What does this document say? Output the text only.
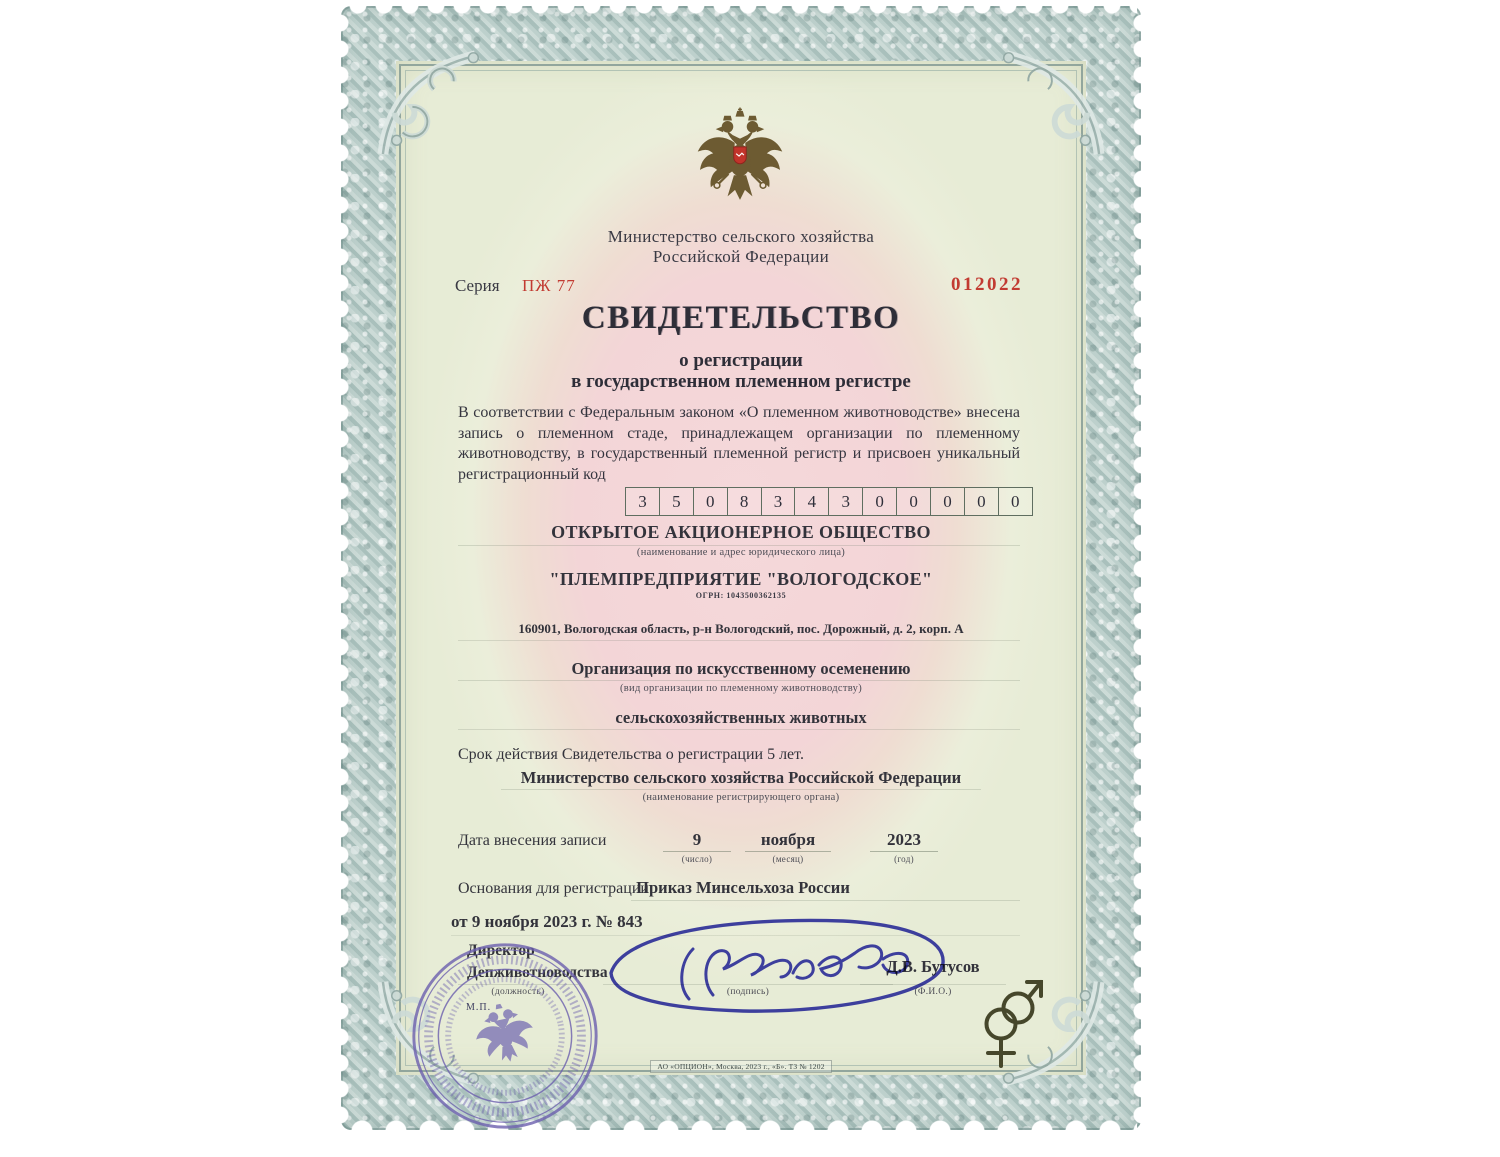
Министерство сельского хозяйства
Российской Федерации
Серия ПЖ 77	012022
СВИДЕТЕЛЬСТВО
о регистрации
в государственном племенном регистре
В соответствии с Федеральным законом «О племенном животноводстве» внесена запись о племенном стаде, принадлежащем организации по племенному животноводству, в государственный племенной регистр и присвоен уникальный регистрационный код
3	5	0	8	3	4	3	0	0	0	0	0
ОТКРЫТОЕ АКЦИОНЕРНОЕ ОБЩЕСТВО
(наименование и адрес юридического лица)
"ПЛЕМПРЕДПРИЯТИЕ "ВОЛОГОДСКОЕ"
ОГРН: 1043500362135
160901, Вологодская область, р-н Вологодский, пос. Дорожный, д. 2, корп. А
Организация по искусственному осеменению
(вид организации по племенному животноводству)
сельскохозяйственных животных
Срок действия Свидетельства о регистрации 5 лет.
Министерство сельского хозяйства Российской Федерации
(наименование регистрирующего органа)
Дата внесения записи	9
(число)
ноября
(месяц)
2023
(год)
Основания для регистрации
Приказ Минсельхоза России
от 9 ноября 2023 г. № 843
Директор
Депживотноводства
(должность)	(подпись)
Д.В. Бутусов
(Ф.И.О.)
М.П.
АО «ОПЦИОН», Москва, 2023 г., «Б». ТЗ № 1202
